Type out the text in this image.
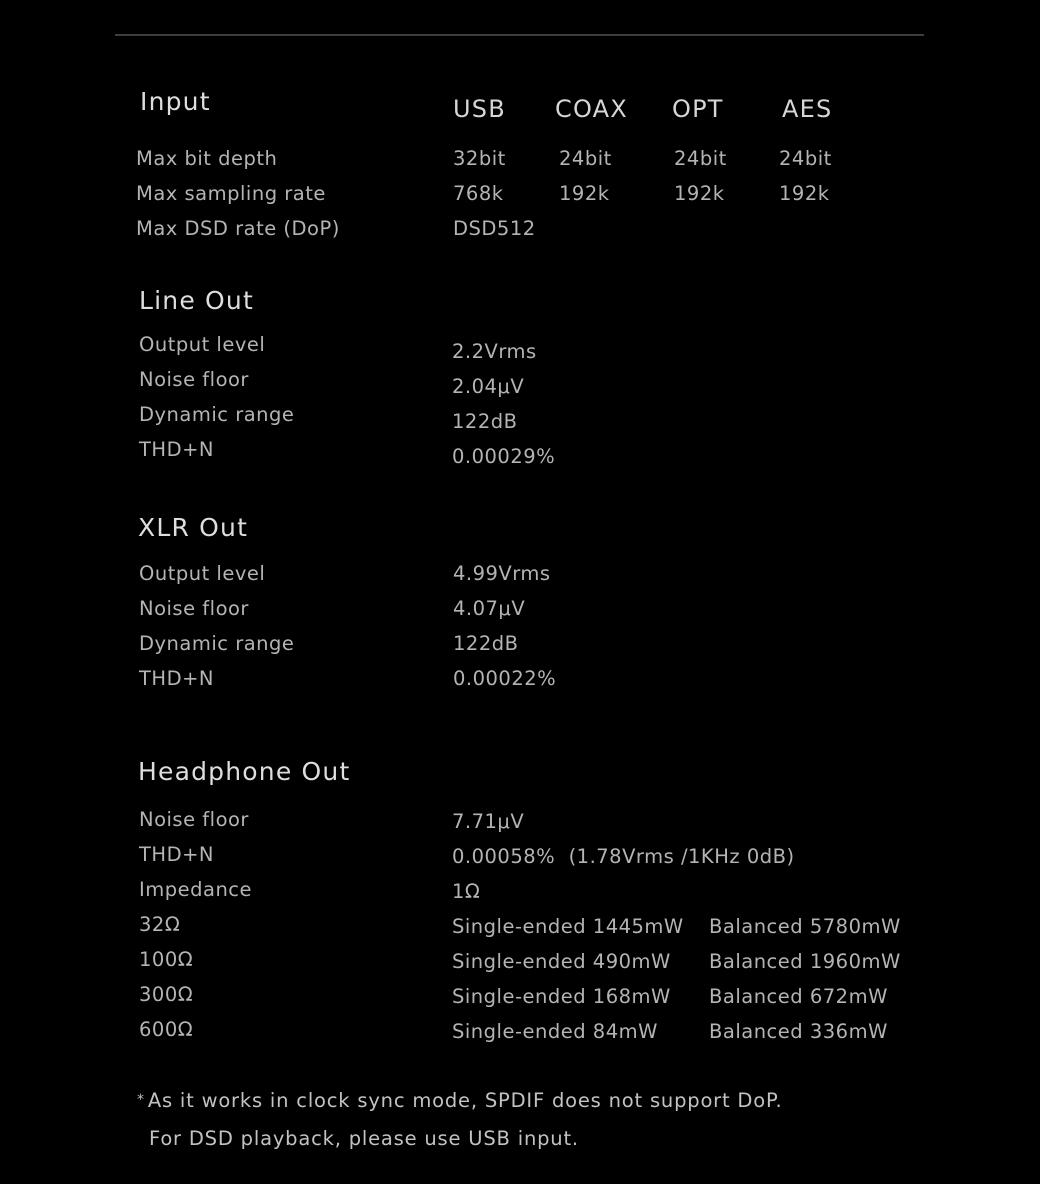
Input	USB COAX OPT AES
Max bit depth	32bit	24bit	24bit	24bit
Max sampling rate	768k	192k	192k	192k
Max DSD rate (DoP)	DSD512
Line Out
Output level	2.2Vrms
Noise floor	2.04μV
Dynamic range	122dB
THD+N	0.00029%
XLR Out
Output level	4.99Vrms
Noise floor	4.07μV
Dynamic range	122dB
THD+N	0.00022%
Headphone Out
Noise floor	7.71μV
THD+N	0.00058%  (1.78Vrms /1KHz 0dB)
Impedance	1Ω
32Ω	Single-ended 1445mW Balanced 5780mW
100Ω	Single-ended 490mW Balanced 1960mW
300Ω	Single-ended 168mW Balanced 672mW
600Ω	Single-ended 84mW	Balanced 336mW
* As it works in clock sync mode, SPDIF does not support DoP.
For DSD playback, please use USB input.
